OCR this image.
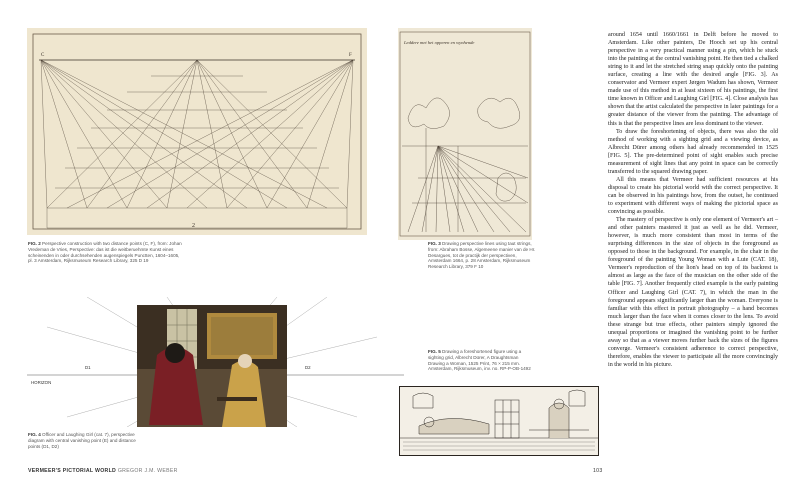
2
C	F
FIG. 2 Perspective construction with two distance points (C, F), from: Johan Vredeman de Vries, Perspective: das ist die weitberuehmte Kunst eines scheinenden in oder durchsehenden augenspiegels Punctten, 1604–1605, pl. 3 Amsterdam, Rijksmuseum Research Library, 325 D 19
Leddere met het opperen en wynhende
FIG. 3 Drawing perspective lines using taut strings, from: Abraham Bosse, Algemeene manier van de Hr. Desargues, tot de practijk der perspectiven, Amsterdam 1664, p. 28 Amsterdam, Rijksmuseum Research Library, 379 F 10
D1	D2
HORIZON
FIG. 4 Officer and Laughing Girl (cat. 7), perspective diagram with central vanishing point (E) and distance points (D1, D2)
FIG. 5 Drawing a foreshortened figure using a sighting grid, Albrecht Dürer, A Draughtsman Drawing a Woman, 1525 Print, 76 × 215 mm. Amsterdam, Rijksmuseum, inv. no. RP-P-OB-1492

around 1654 until 1660/1661 in Delft before he moved to Amsterdam. Like other painters, De Hooch set up his central perspective in a very practical manner using a pin, which he stuck into the painting at the central vanishing point. He then tied a chalked string to it and let the stretched string snap quickly onto the painting surface, creating a line with the desired angle [FIG. 3]. As conservator and Vermeer expert Jørgen Wadum has shown, Vermeer made use of this method in at least sixteen of his paintings, the first time known in Officer and Laughing Girl [FIG. 4]. Close analysis has shown that the artist calculated the perspective in later paintings for a greater distance of the viewer from the painting. The advantage of this is that the perspective lines are less dominant to the viewer.

To draw the foreshortening of objects, there was also the old method of working with a sighting grid and a viewing device, as Albrecht Dürer among others had already recommended in 1525 [FIG. 5]. The pre-determined point of sight enables such precise measurement of sight lines that any point in space can be correctly transferred to the squared drawing paper.

All this means that Vermeer had sufficient resources at his disposal to create his pictorial world with the correct perspective. It can be observed in his paintings how, from the outset, he continued to experiment with different ways of making the pictorial space as convincing as possible.

The mastery of perspective is only one element of Vermeer's art – and other painters mastered it just as well as he did. Vermeer, however, is much more consistent than most in terms of the surprising differences in the size of objects in the foreground as opposed to those in the background. For example, in the chair in the foreground of the painting Young Woman with a Lute (CAT. 18), Vermeer's reproduction of the lion's head on top of its backrest is almost as large as the face of the musician on the other side of the table [FIG. 7]. Another frequently cited example is the early painting Officer and Laughing Girl (CAT. 7), in which the man in the foreground appears significantly larger than the woman. Everyone is familiar with this effect in portrait photography – a hand becomes much larger than the face when it comes closer to the lens. To avoid these strange but true effects, other painters simply ignored the unequal proportions or imagined the vanishing point to be further away so that as a viewer moves further back the sizes of the figures converge. Vermeer's consistent adherence to correct perspective, therefore, enables the viewer to participate all the more convincingly in the world in his picture.

VERMEER'S PICTORIAL WORLD GREGOR J.M. WEBER	103
